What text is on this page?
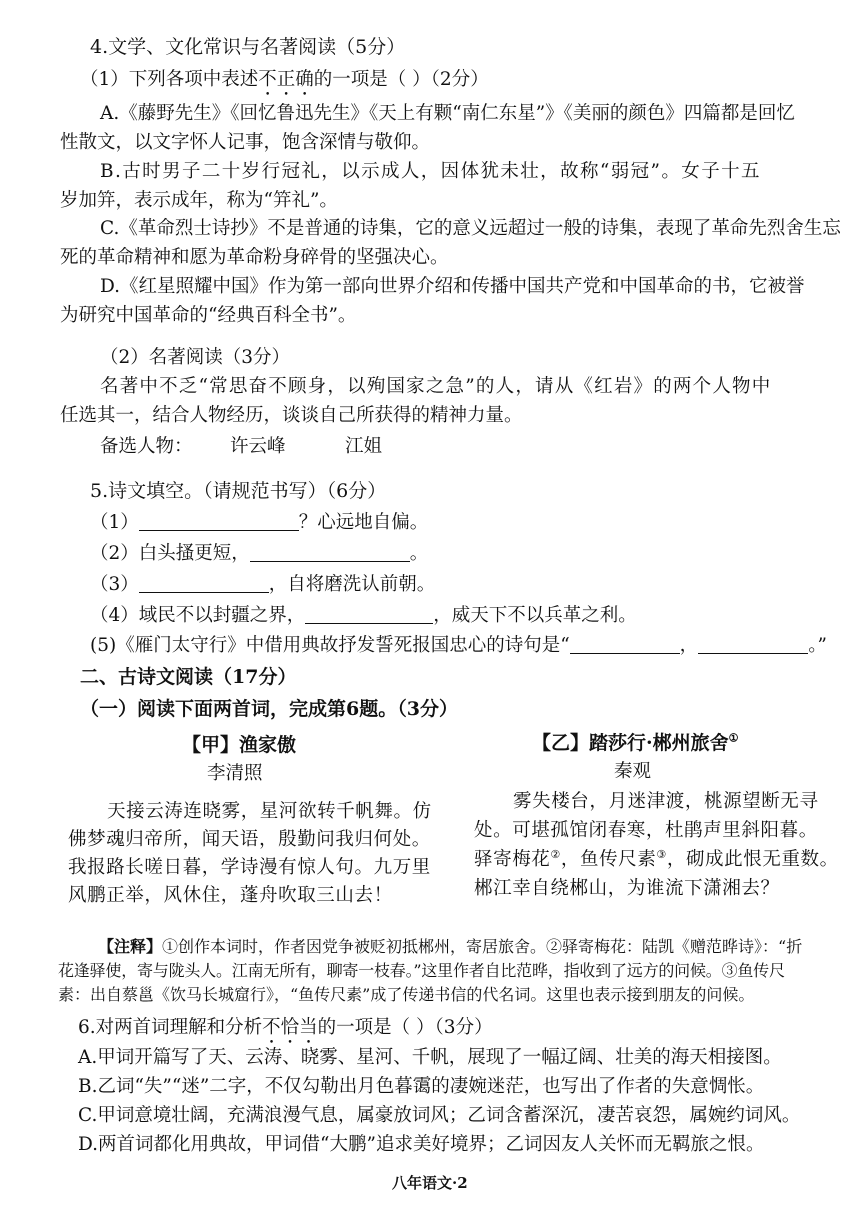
4.文学、文化常识与名著阅读（5分）
（1）下列各项中表述不正确的一项是（ ）（2分）
A.《藤野先生》《回忆鲁迅先生》《天上有颗“南仁东星”》《美丽的颜色》四篇都是回忆
性散文，以文字怀人记事，饱含深情与敬仰。
B.古时男子二十岁行冠礼，以示成人，因体犹未壮，故称“弱冠”。女子十五
岁加笄，表示成年，称为“笄礼”。
C.《革命烈士诗抄》不是普通的诗集，它的意义远超过一般的诗集，表现了革命先烈舍生忘
死的革命精神和愿为革命粉身碎骨的坚强决心。
D.《红星照耀中国》作为第一部向世界介绍和传播中国共产党和中国革命的书，它被誉
为研究中国革命的“经典百科全书”。
（2）名著阅读（3分）
名著中不乏“常思奋不顾身，以殉国家之急”的人，请从《红岩》的两个人物中
任选其一，结合人物经历，谈谈自己所获得的精神力量。
备选人物： 许云峰	江姐
5.诗文填空。（请规范书写）（6分）
（1）	？心远地自偏。
（2）白头搔更短，	。
（3）	，自将磨洗认前朝。
（4）域民不以封疆之界，	，威天下不以兵革之利。
(5)《雁门太守行》中借用典故抒发誓死报国忠心的诗句是“	，	。”
二、古诗文阅读（17分）
（一）阅读下面两首词，完成第6题。（3分）
【甲】渔家傲
李清照
天接云涛连晓雾，星河欲转千帆舞。仿
佛梦魂归帝所，闻天语，殷勤问我归何处。
我报路长嗟日暮，学诗漫有惊人句。九万里
风鹏正举，风休住，蓬舟吹取三山去！
【乙】踏莎行·郴州旅舍①
秦观
雾失楼台，月迷津渡，桃源望断无寻
处。可堪孤馆闭春寒，杜鹃声里斜阳暮。
驿寄梅花②，鱼传尺素③，砌成此恨无重数。
郴江幸自绕郴山，为谁流下潇湘去？
【注释】①创作本词时，作者因党争被贬初抵郴州，寄居旅舍。②驿寄梅花：陆凯《赠范晔诗》：“折
花逢驿使，寄与陇头人。江南无所有，聊寄一枝春。”这里作者自比范晔，指收到了远方的问候。③鱼传尺
素：出自蔡邕《饮马长城窟行》，“鱼传尺素”成了传递书信的代名词。这里也表示接到朋友的问候。
6.对两首词理解和分析不恰当的一项是（ ）（3分）
A.甲词开篇写了天、云涛、晓雾、星河、千帆，展现了一幅辽阔、壮美的海天相接图。
B.乙词“失”“迷”二字，不仅勾勒出月色暮霭的凄婉迷茫，也写出了作者的失意惆怅。
C.甲词意境壮阔，充满浪漫气息，属豪放词风；乙词含蓄深沉，凄苦哀怨，属婉约词风。
D.两首词都化用典故，甲词借“大鹏”追求美好境界；乙词因友人关怀而无羁旅之恨。
八年语文·2
